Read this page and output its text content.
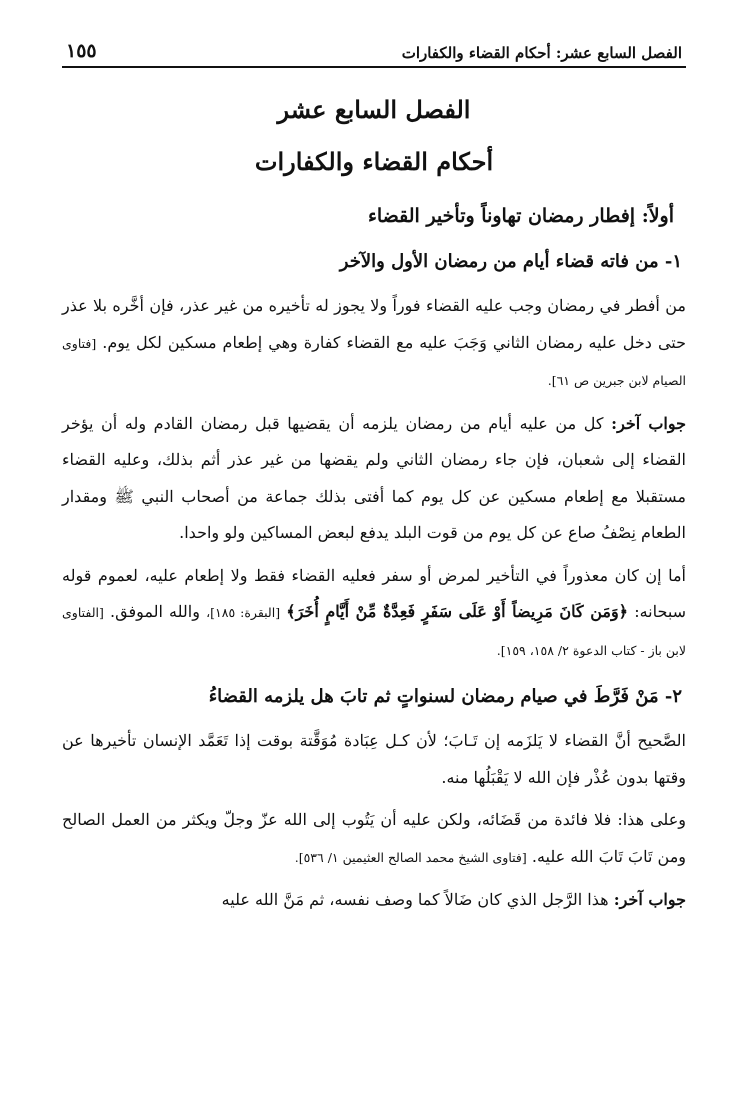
الفصل السابع عشر: أحكام القضاء والكفارات
١٥٥
الفصل السابع عشر
أحكام القضاء والكفارات
أولاً: إفطار رمضان تهاوناً وتأخير القضاء
١- من فاته قضاء أيام من رمضان الأول والآخر

من أفطر في رمضان وجب عليه القضاء فوراً ولا يجوز له تأخيره من غير عذر، فإن أخَّره بلا عذر حتى دخل عليه رمضان الثاني وَجَبَ عليه مع القضاء كفارة وهي إطعام مسكين لكل يوم. [فتاوى الصيام لابن جبرين ص ٦١].

جواب آخر: كل من عليه أيام من رمضان يلزمه أن يقضيها قبل رمضان القادم وله أن يؤخر القضاء إلى شعبان، فإن جاء رمضان الثاني ولم يقضها من غير عذر أثم بذلك، وعليه القضاء مستقبلا مع إطعام مسكين عن كل يوم كما أفتى بذلك جماعة من أصحاب النبي ﷺ ومقدار الطعام نِصْفُ صاع عن كل يوم من قوت البلد يدفع لبعض المساكين ولو واحدا.

أما إن كان معذوراً في التأخير لمرض أو سفر فعليه القضاء فقط ولا إطعام عليه، لعموم قوله سبحانه: ﴿وَمَن كَانَ مَرِيضاً أَوْ عَلَى سَفَرٍ فَعِدَّةٌ مِّنْ أَيَّامٍ أُخَرَ﴾ [البقرة: ١٨٥]، والله الموفق. [الفتاوى لابن باز - كتاب الدعوة ٢/ ١٥٨، ١٥٩].

٢- مَنْ فَرَّطَ في صيام رمضان لسنواتٍ ثم تابَ هل يلزمه القضاءُ

الصَّحيح أنَّ القضاء لا يَلزَمه إن تَـابَ؛ لأن كـل عِبَادة مُوَقَّتة بوقت إذا تَعَمَّد الإنسان تأخيرها عن وقتها بدون عُذْر فإن الله لا يَقْبَلُها منه.

وعلى هذا: فلا فائدة من قَضَائه، ولكن عليه أن يَتُوب إلى الله عزّ وجلّ ويكثر من العمل الصالح ومن تَابَ تَابَ الله عليه. [فتاوى الشيخ محمد الصالح العثيمين ١/ ٥٣٦].

جواب آخر: هذا الرَّجل الذي كان ضَالاً كما وصف نفسه، ثم مَنَّ الله عليه
